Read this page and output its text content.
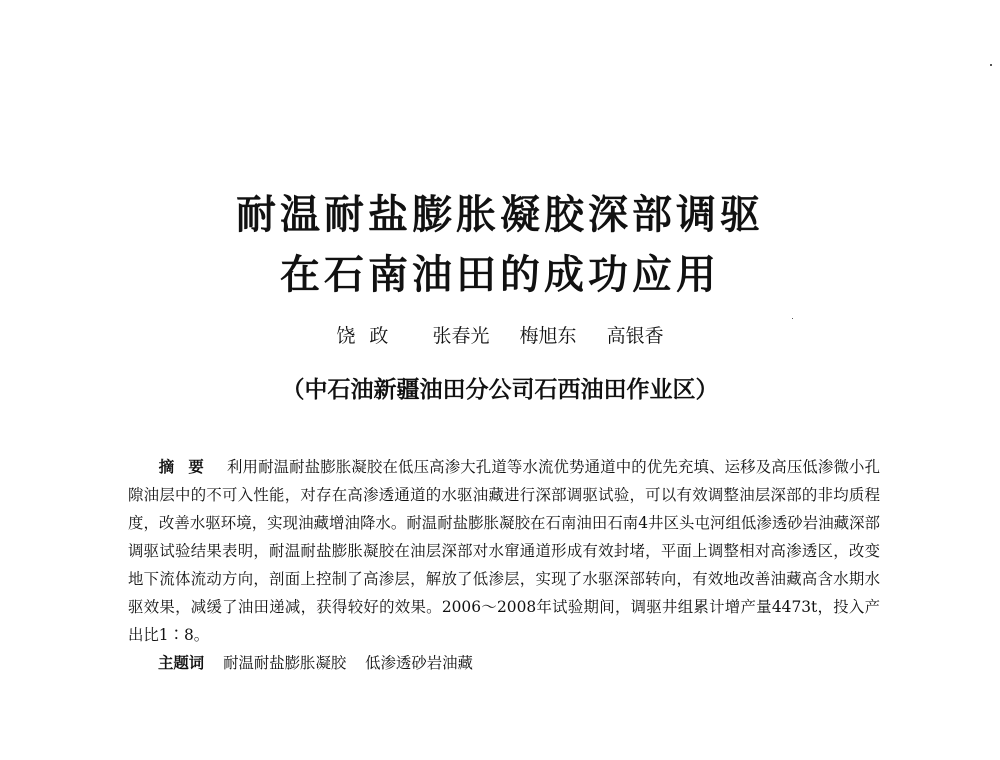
耐温耐盐膨胀凝胶深部调驱
在石南油田的成功应用
饶政 张春光 梅旭东 高银香
（中石油新疆油田分公司石西油田作业区）
摘要 利用耐温耐盐膨胀凝胶在低压高渗大孔道等水流优势通道中的优先充填、运移及高压低渗微小孔隙油层中的不可入性能，对存在高渗透通道的水驱油藏进行深部调驱试验，可以有效调整油层深部的非均质程度，改善水驱环境，实现油藏增油降水。耐温耐盐膨胀凝胶在石南油田石南4井区头屯河组低渗透砂岩油藏深部调驱试验结果表明，耐温耐盐膨胀凝胶在油层深部对水窜通道形成有效封堵，平面上调整相对高渗透区，改变地下流体流动方向，剖面上控制了高渗层，解放了低渗层，实现了水驱深部转向，有效地改善油藏高含水期水驱效果，减缓了油田递减，获得较好的效果。2006～2008年试验期间，调驱井组累计增产量4473t，投入产出比1∶8。
主题词 耐温耐盐膨胀凝胶 低渗透砂岩油藏
